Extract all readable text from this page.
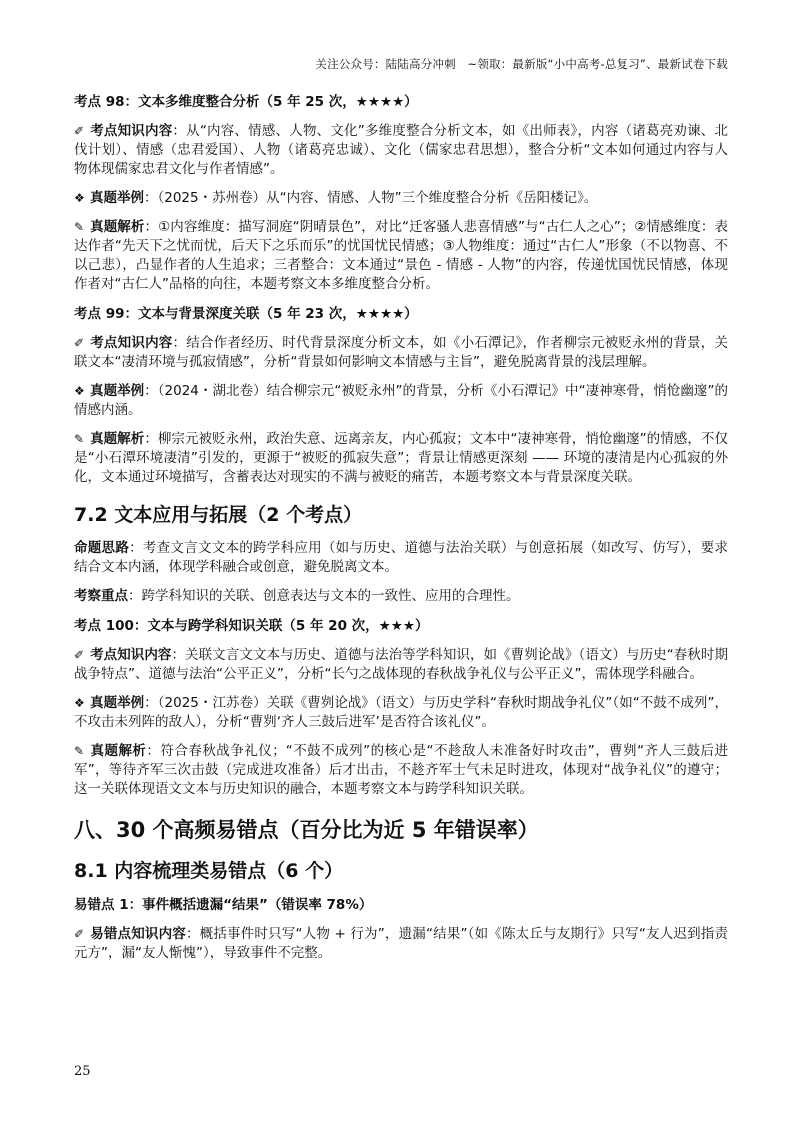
关注公众号：陆陆高分冲刺　~领取：最新版“小中高考-总复习”、最新试卷下载
考点 98：文本多维度整合分析（5 年 25 次，★★★★）

✐ 考点知识内容：从“内容、情感、人物、文化”多维度整合分析文本，如《出师表》，内容（诸葛亮劝谏、北伐计划）、情感（忠君爱国）、人物（诸葛亮忠诚）、文化（儒家忠君思想），整合分析“文本如何通过内容与人物体现儒家忠君文化与作者情感”。

❖ 真题举例：（2025・苏州卷）从“内容、情感、人物”三个维度整合分析《岳阳楼记》。

✎ 真题解析：①内容维度：描写洞庭“阴晴景色”，对比“迁客骚人悲喜情感”与“古仁人之心”；②情感维度：表达作者“先天下之忧而忧，后天下之乐而乐”的忧国忧民情感；③人物维度：通过“古仁人”形象（不以物喜、不以己悲），凸显作者的人生追求；三者整合：文本通过“景色 - 情感 - 人物”的内容，传递忧国忧民情感，体现作者对“古仁人”品格的向往，本题考察文本多维度整合分析。

考点 99：文本与背景深度关联（5 年 23 次，★★★★）

✐ 考点知识内容：结合作者经历、时代背景深度分析文本，如《小石潭记》，作者柳宗元被贬永州的背景，关联文本“凄清环境与孤寂情感”，分析“背景如何影响文本情感与主旨”，避免脱离背景的浅层理解。

❖ 真题举例：（2024・湖北卷）结合柳宗元“被贬永州”的背景，分析《小石潭记》中“凄神寒骨，悄怆幽邃”的情感内涵。

✎ 真题解析：柳宗元被贬永州，政治失意、远离亲友，内心孤寂；文本中“凄神寒骨，悄怆幽邃”的情感，不仅是“小石潭环境凄清”引发的，更源于“被贬的孤寂失意”；背景让情感更深刻 —— 环境的凄清是内心孤寂的外化，文本通过环境描写，含蓄表达对现实的不满与被贬的痛苦，本题考察文本与背景深度关联。

7.2 文本应用与拓展（2 个考点）

命题思路：考查文言文文本的跨学科应用（如与历史、道德与法治关联）与创意拓展（如改写、仿写），要求结合文本内涵，体现学科融合或创意，避免脱离文本。

考察重点：跨学科知识的关联、创意表达与文本的一致性、应用的合理性。

考点 100：文本与跨学科知识关联（5 年 20 次，★★★）

✐ 考点知识内容：关联文言文文本与历史、道德与法治等学科知识，如《曹刿论战》（语文）与历史“春秋时期战争特点”、道德与法治“公平正义”，分析“长勺之战体现的春秋战争礼仪与公平正义”，需体现学科融合。

❖ 真题举例：（2025・江苏卷）关联《曹刿论战》（语文）与历史学科“春秋时期战争礼仪”（如“不鼓不成列”，不攻击未列阵的敌人），分析“曹刿‘齐人三鼓后进军’是否符合该礼仪”。

✎ 真题解析：符合春秋战争礼仪；“不鼓不成列”的核心是“不趁敌人未准备好时攻击”，曹刿“齐人三鼓后进军”，等待齐军三次击鼓（完成进攻准备）后才出击，不趁齐军士气未足时进攻，体现对“战争礼仪”的遵守；这一关联体现语文文本与历史知识的融合，本题考察文本与跨学科知识关联。

八、30 个高频易错点（百分比为近 5 年错误率）
8.1 内容梳理类易错点（6 个）
易错点 1：事件概括遗漏“结果”（错误率 78%）

✐ 易错点知识内容：概括事件时只写“人物 + 行为”，遗漏“结果”（如《陈太丘与友期行》只写“友人迟到指责元方”，漏“友人惭愧”），导致事件不完整。

25
